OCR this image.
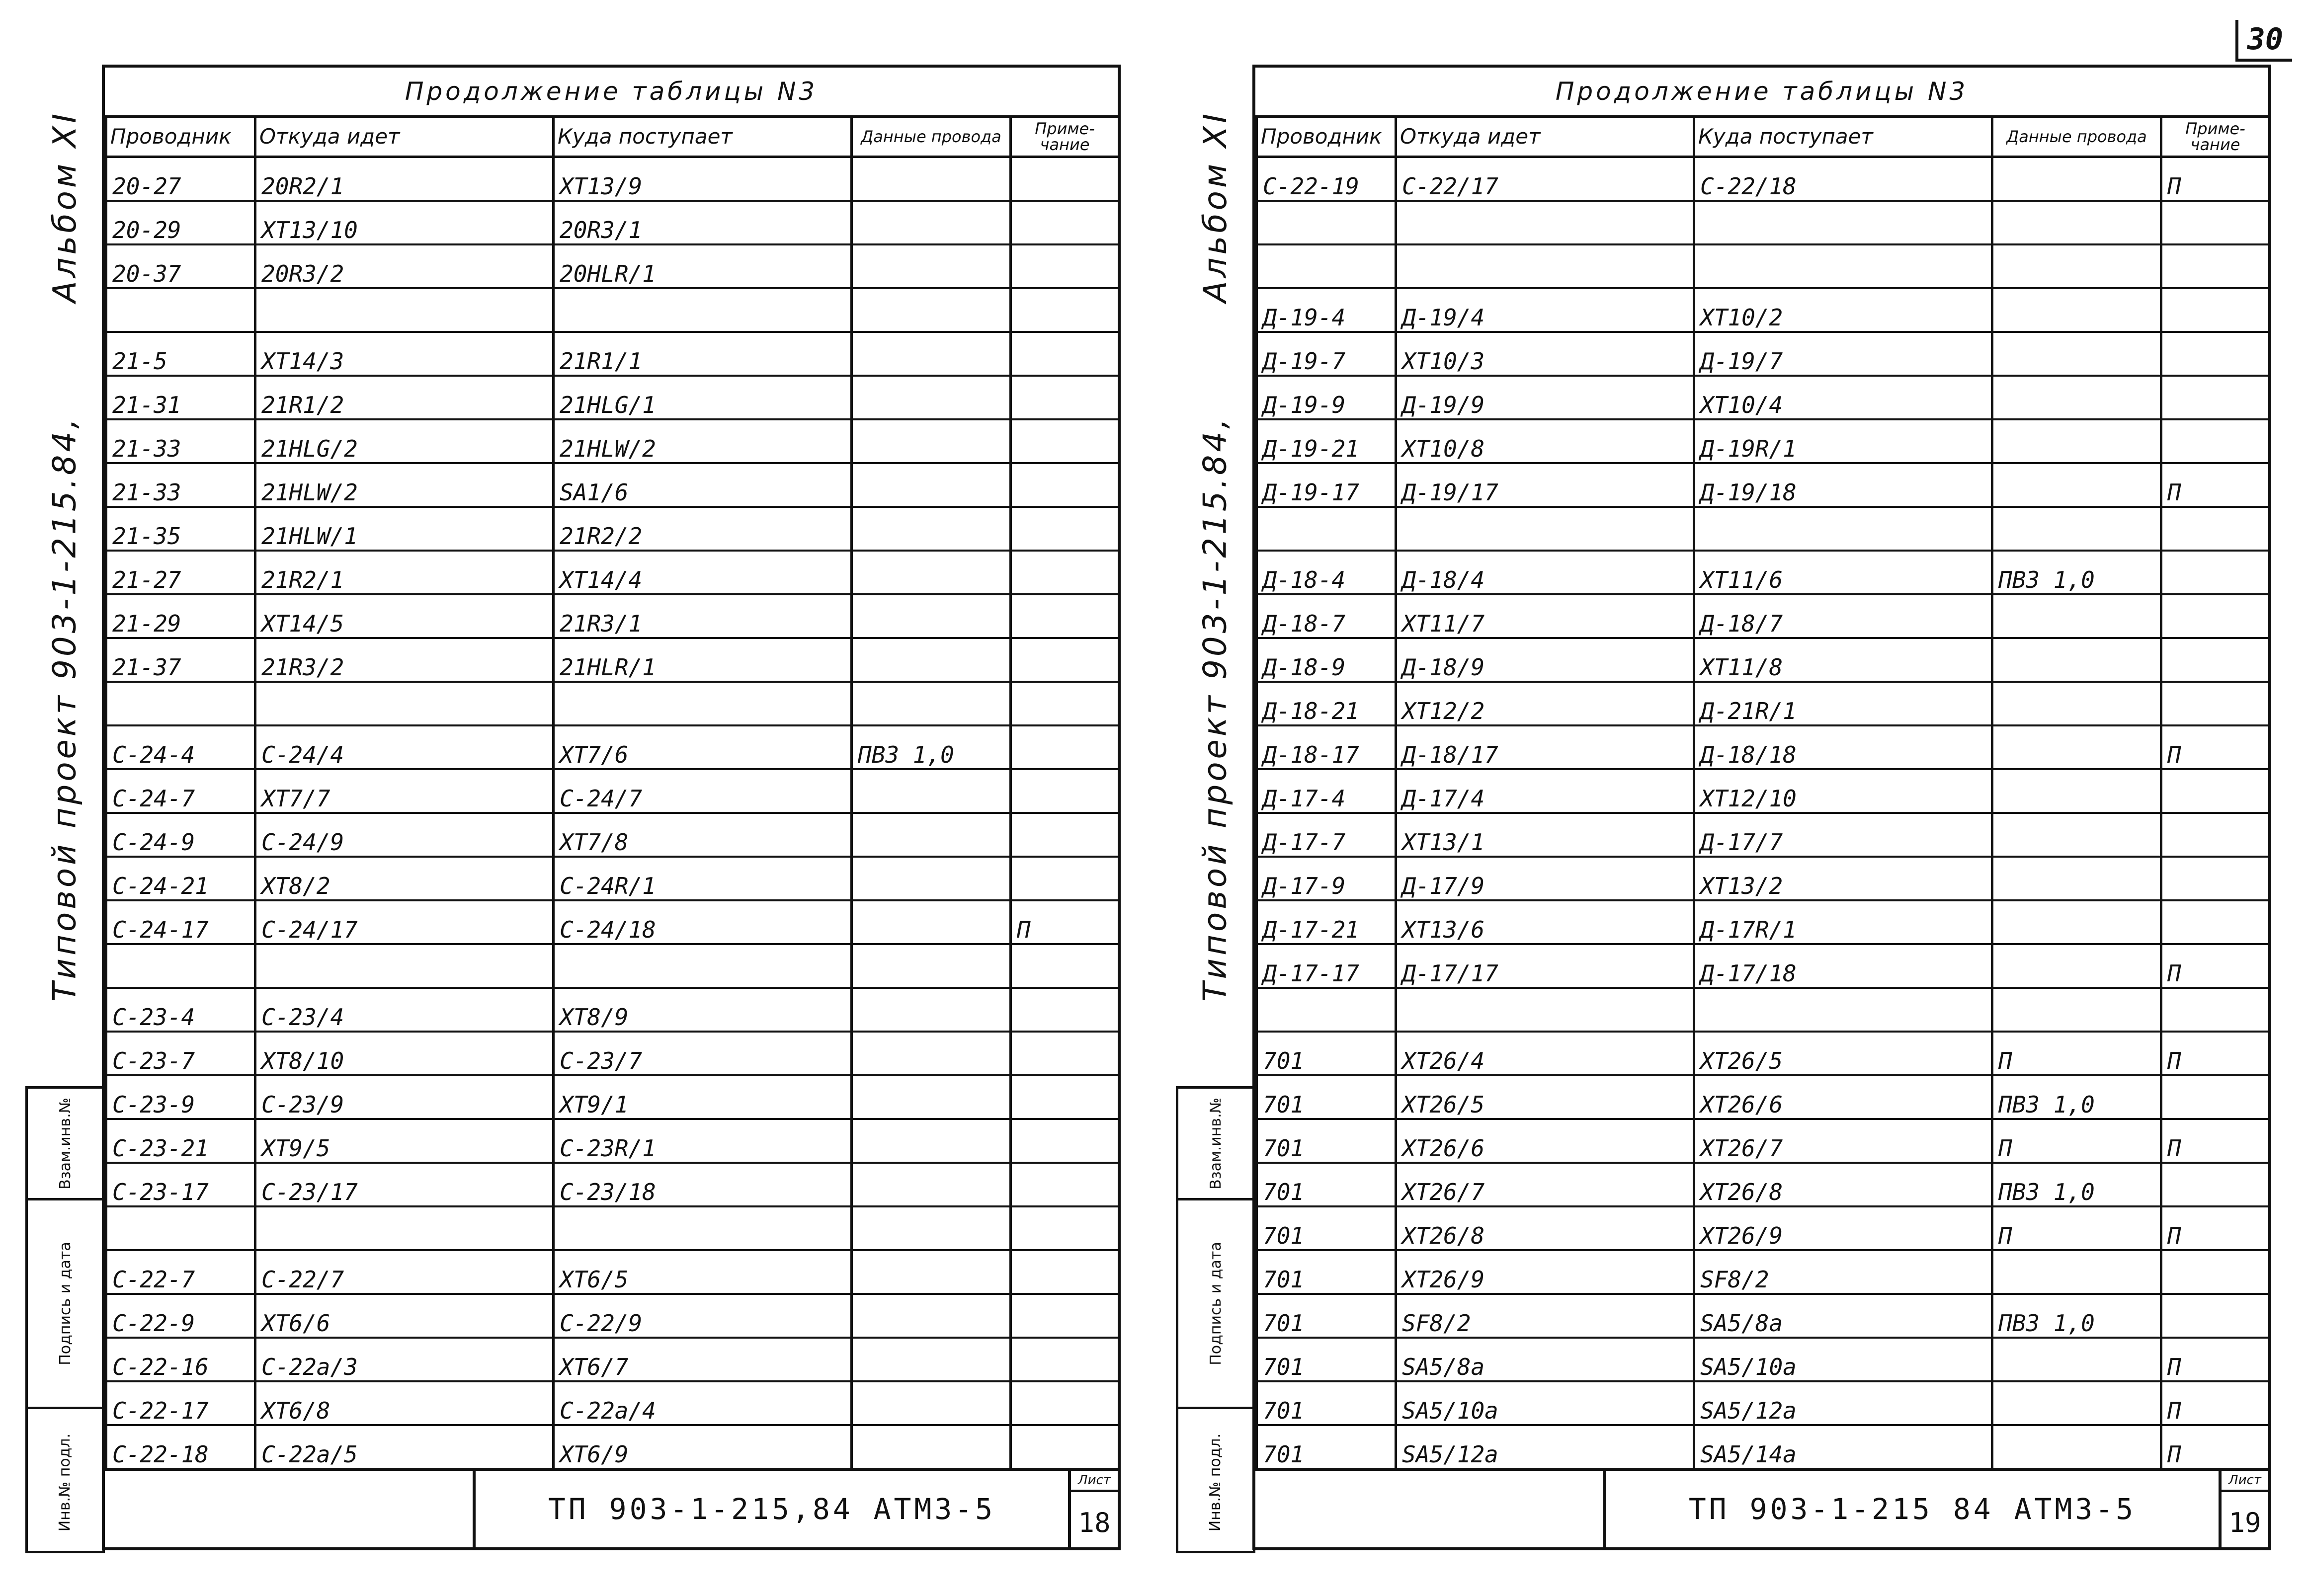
30
Альбом XI
Типовой проект 903-1-215.84,
Взам.инв.№
Подпись и дата
Инв.№ подл.
Продолжение таблицы N3
Проводник	Откуда идет	Куда поступает	Данные провода	Приме-чание
20-27	20R2/1	XT13/9		
20-29	XT13/10	20R3/1		
20-37	20R3/2	20HLR/1		

21-5	XT14/3	21R1/1		
21-31	21R1/2	21HLG/1		
21-33	21HLG/2	21HLW/2		
21-33	21HLW/2	SA1/6		
21-35	21HLW/1	21R2/2		
21-27	21R2/1	XT14/4		
21-29	XT14/5	21R3/1		
21-37	21R3/2	21HLR/1		

C-24-4	C-24/4	XT7/6	ПВЗ 1,0	
C-24-7	XT7/7	C-24/7		
C-24-9	C-24/9	XT7/8		
C-24-21	XT8/2	C-24R/1		
C-24-17	C-24/17	C-24/18		П

C-23-4	C-23/4	XT8/9		
C-23-7	XT8/10	C-23/7		
C-23-9	C-23/9	XT9/1		
C-23-21	XT9/5	C-23R/1		
C-23-17	C-23/17	C-23/18		

C-22-7	C-22/7	XT6/5		
C-22-9	XT6/6	C-22/9		
C-22-16	C-22a/3	XT6/7		
C-22-17	XT6/8	C-22a/4		
C-22-18	C-22a/5	XT6/9		
ТП 903-1-215,84 АТМ3-5
Лист
18
Альбом XI
Типовой проект 903-1-215.84,
Взам.инв.№
Подпись и дата
Инв.№ подл.
Продолжение таблицы N3
Проводник	Откуда идет	Куда поступает	Данные провода	Приме-чание
C-22-19	C-22/17	C-22/18		П

Д-19-4	Д-19/4	XT10/2		
Д-19-7	XT10/3	Д-19/7		
Д-19-9	Д-19/9	XT10/4		
Д-19-21	XT10/8	Д-19R/1		
Д-19-17	Д-19/17	Д-19/18		П

Д-18-4	Д-18/4	XT11/6	ПВЗ 1,0	
Д-18-7	XT11/7	Д-18/7		
Д-18-9	Д-18/9	XT11/8		
Д-18-21	XT12/2	Д-21R/1		
Д-18-17	Д-18/17	Д-18/18		П
Д-17-4	Д-17/4	XT12/10		
Д-17-7	XT13/1	Д-17/7		
Д-17-9	Д-17/9	XT13/2		
Д-17-21	XT13/6	Д-17R/1		
Д-17-17	Д-17/17	Д-17/18		П

701	XT26/4	XT26/5	П	П
701	XT26/5	XT26/6	ПВЗ 1,0	
701	XT26/6	XT26/7	П	П
701	XT26/7	XT26/8	ПВЗ 1,0	
701	XT26/8	XT26/9	П	П
701	XT26/9	SF8/2		
701	SF8/2	SA5/8a	ПВЗ 1,0	
701	SA5/8a	SA5/10a		П
701	SA5/10a	SA5/12a		П
701	SA5/12a	SA5/14a		П
ТП 903-1-215 84 АТМ3-5
Лист
19
